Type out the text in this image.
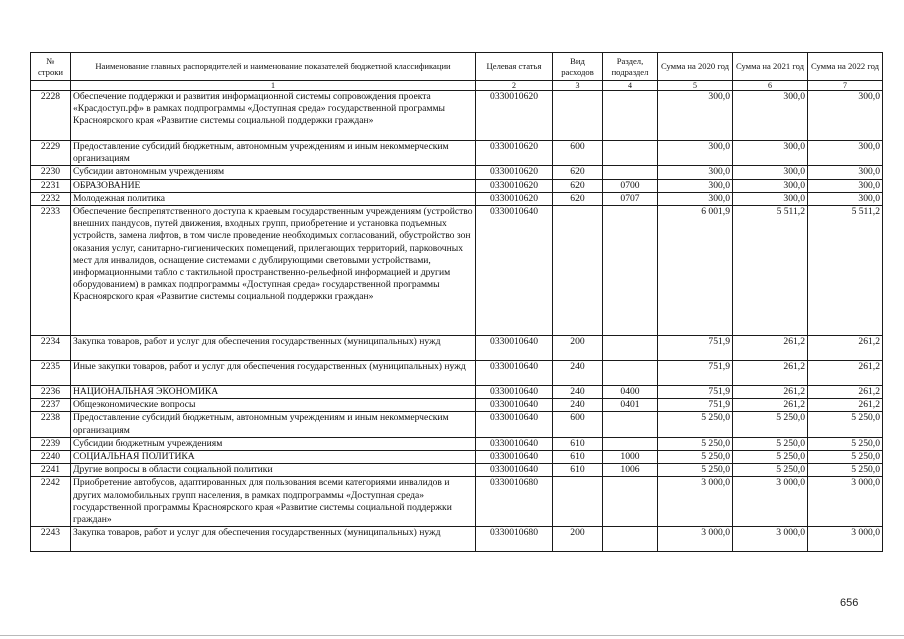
№ строки	Наименование главных распорядителей и наименование показателей бюджетной классификации	Целевая статья	Вид расходов	Раздел, подраздел	Сумма на 2020 год	Сумма на 2021 год	Сумма на 2022 год
	1	2	3	4	5	6	7
2228	Обеспечение поддержки и развития информационной системы сопровождения проекта «Красдоступ.рф» в рамках подпрограммы «Доступная среда» государственной программы Красноярского края «Развитие системы социальной поддержки граждан»	0330010620			300,0	300,0	300,0
2229	Предоставление субсидий бюджетным, автономным учреждениям и иным некоммерческим организациям	0330010620	600		300,0	300,0	300,0
2230	Субсидии автономным учреждениям	0330010620	620		300,0	300,0	300,0
2231	ОБРАЗОВАНИЕ	0330010620	620	0700	300,0	300,0	300,0
2232	Молодежная политика	0330010620	620	0707	300,0	300,0	300,0
2233	Обеспечение беспрепятственного доступа к краевым государственным учреждениям (устройство внешних пандусов, путей движения, входных групп, приобретение и установка подъемных устройств, замена лифтов, в том числе проведение необходимых согласований, обустройство зон оказания услуг, санитарно-гигиенических помещений, прилегающих территорий, парковочных мест для инвалидов, оснащение системами с дублирующими световыми устройствами, информационными табло с тактильной пространственно-рельефной информацией и другим оборудованием) в рамках подпрограммы «Доступная среда» государственной программы Красноярского края «Развитие системы социальной поддержки граждан»	0330010640			6 001,9	5 511,2	5 511,2
2234	Закупка товаров, работ и услуг для обеспечения государственных (муниципальных) нужд	0330010640	200		751,9	261,2	261,2
2235	Иные закупки товаров, работ и услуг для обеспечения государственных (муниципальных) нужд	0330010640	240		751,9	261,2	261,2
2236	НАЦИОНАЛЬНАЯ ЭКОНОМИКА	0330010640	240	0400	751,9	261,2	261,2
2237	Общеэкономические вопросы	0330010640	240	0401	751,9	261,2	261,2
2238	Предоставление субсидий бюджетным, автономным учреждениям и иным некоммерческим организациям	0330010640	600		5 250,0	5 250,0	5 250,0
2239	Субсидии бюджетным учреждениям	0330010640	610		5 250,0	5 250,0	5 250,0
2240	СОЦИАЛЬНАЯ ПОЛИТИКА	0330010640	610	1000	5 250,0	5 250,0	5 250,0
2241	Другие вопросы в области социальной политики	0330010640	610	1006	5 250,0	5 250,0	5 250,0
2242	Приобретение автобусов, адаптированных для пользования всеми категориями инвалидов и других маломобильных групп населения, в рамках подпрограммы «Доступная среда» государственной программы Красноярского края «Развитие системы социальной поддержки граждан»	0330010680			3 000,0	3 000,0	3 000,0
2243	Закупка товаров, работ и услуг для обеспечения государственных (муниципальных) нужд	0330010680	200		3 000,0	3 000,0	3 000,0
656
